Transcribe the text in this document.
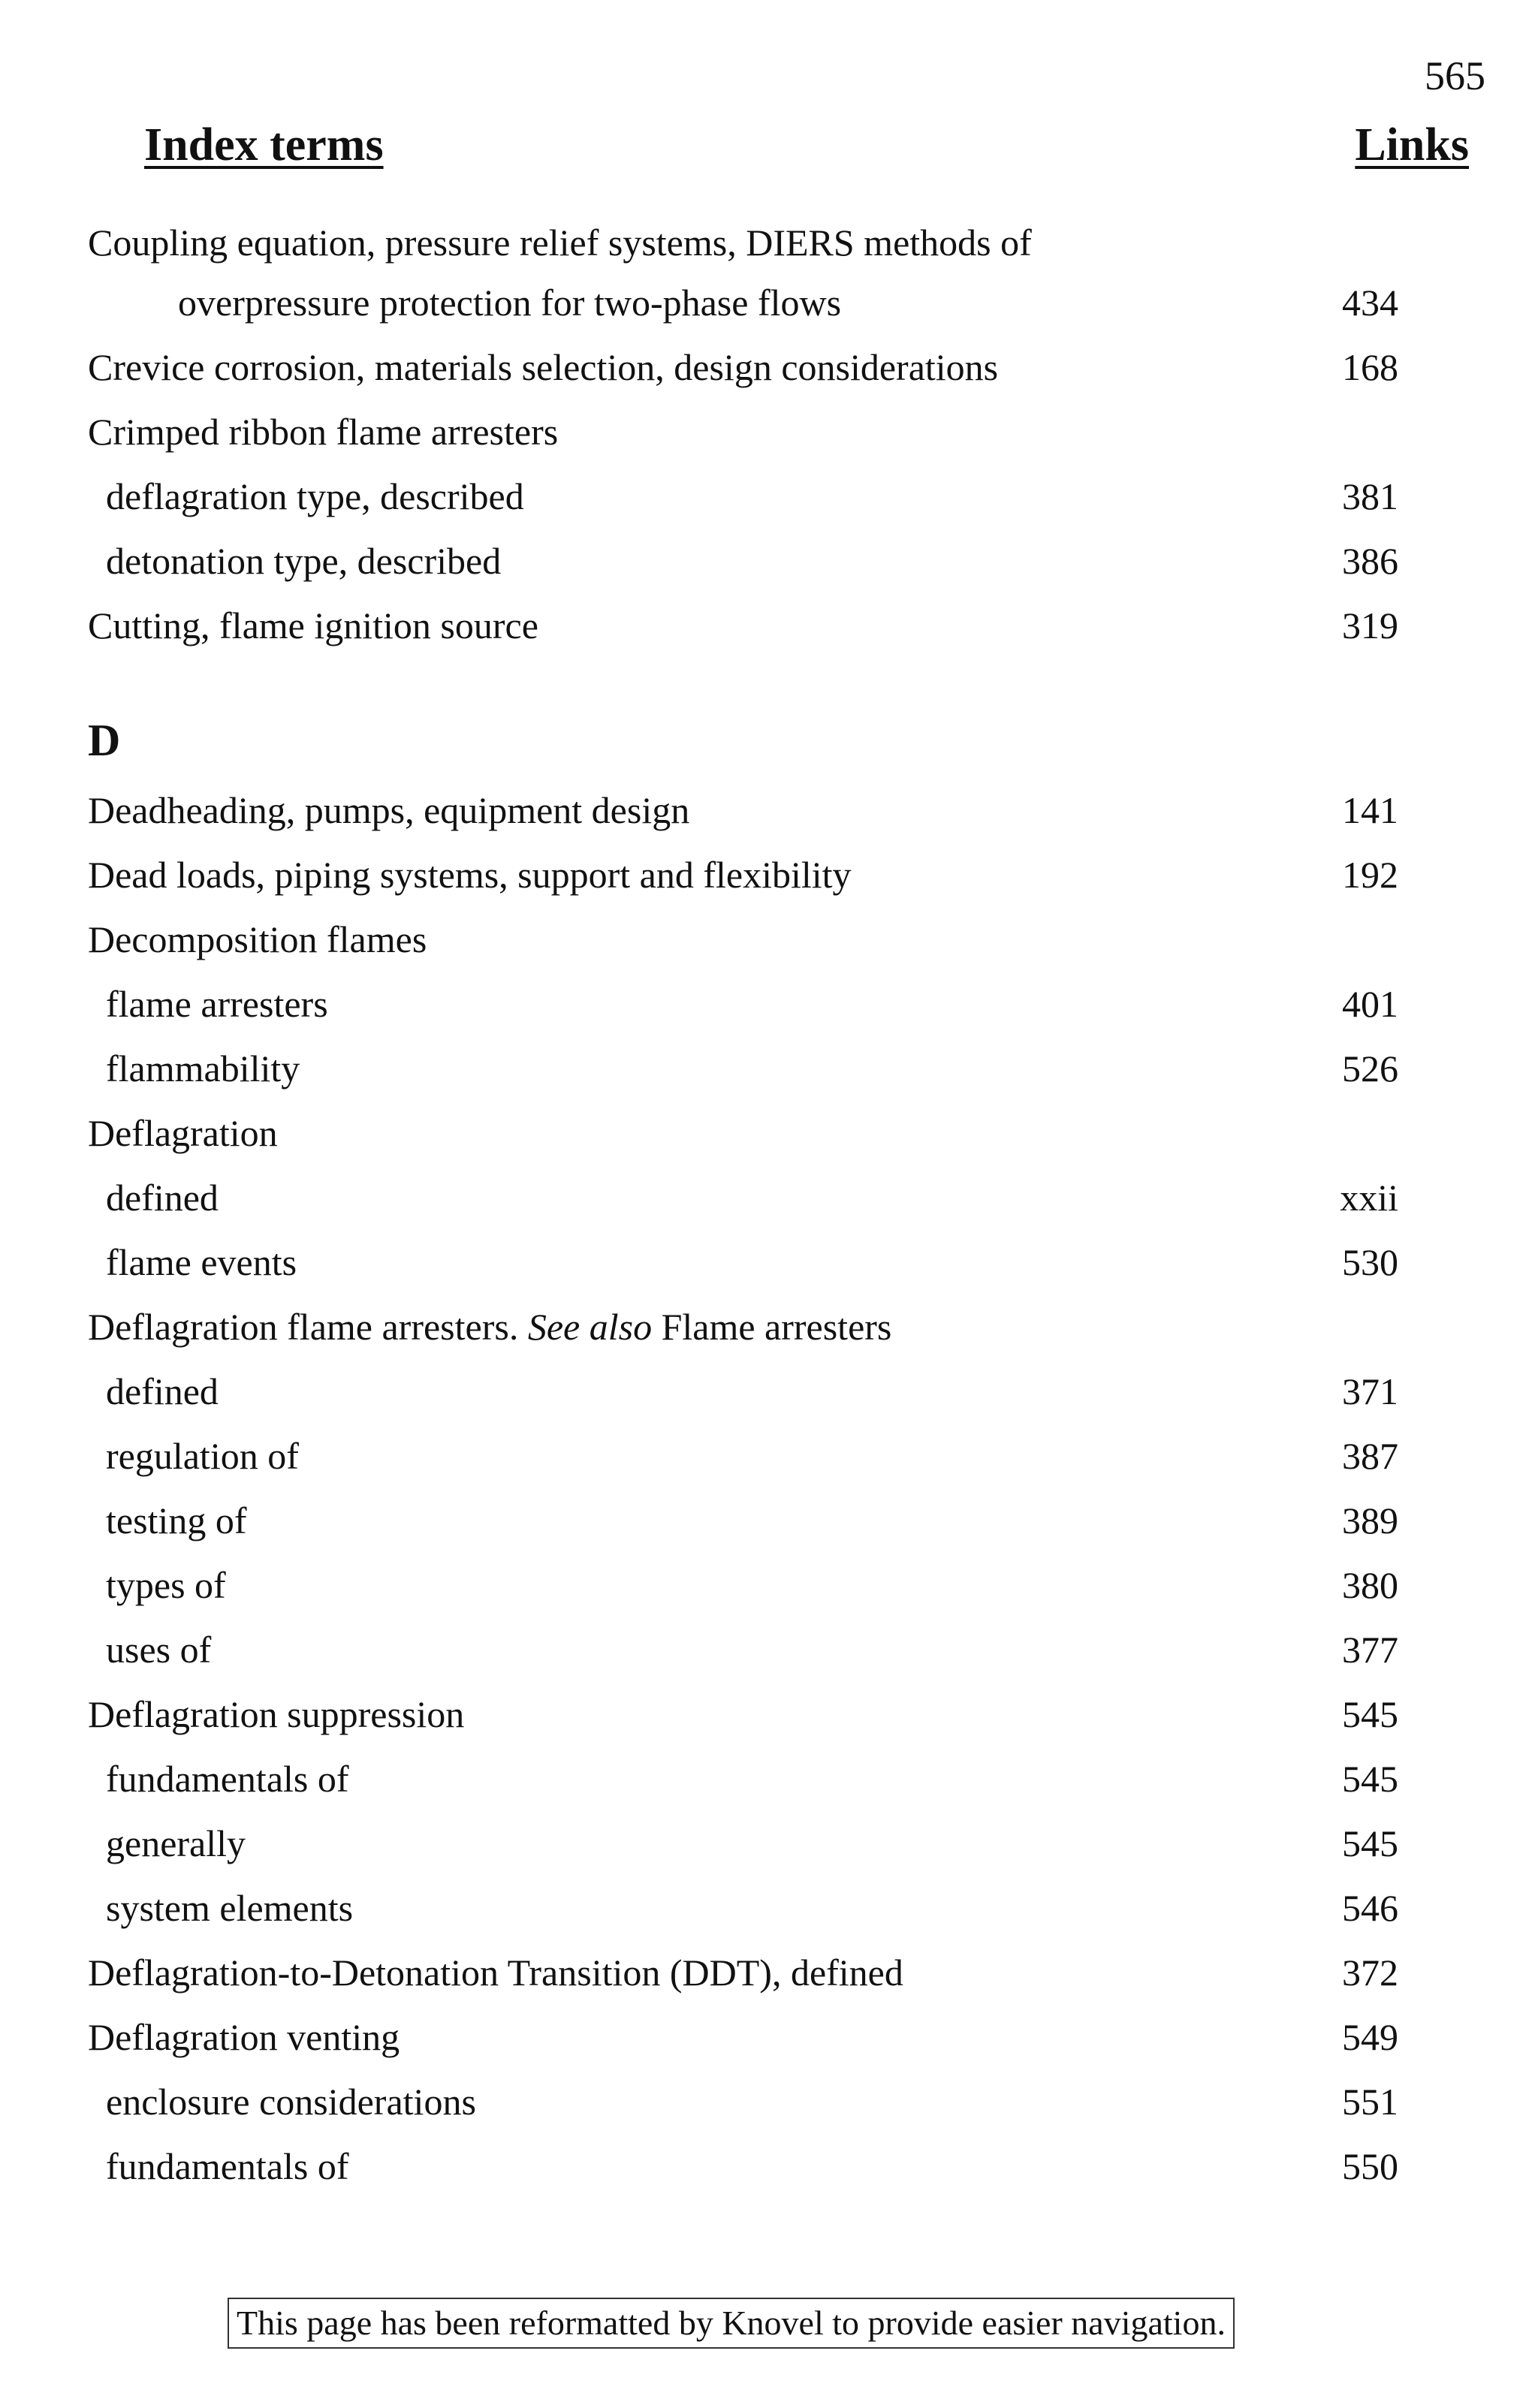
565
Index terms	Links
Coupling equation, pressure relief systems, DIERS methods of
overpressure protection for two-phase flows	434
Crevice corrosion, materials selection, design considerations	168
Crimped ribbon flame arresters
deflagration type, described	381
detonation type, described	386
Cutting, flame ignition source	319
D
Deadheading, pumps, equipment design	141
Dead loads, piping systems, support and flexibility	192
Decomposition flames
flame arresters	401
flammability	526
Deflagration
defined	xxii
flame events	530
Deflagration flame arresters. See also Flame arresters
defined	371
regulation of	387
testing of	389
types of	380
uses of	377
Deflagration suppression	545
fundamentals of	545
generally	545
system elements	546
Deflagration-to-Detonation Transition (DDT), defined	372
Deflagration venting	549
enclosure considerations	551
fundamentals of	550
This page has been reformatted by Knovel to provide easier navigation.
